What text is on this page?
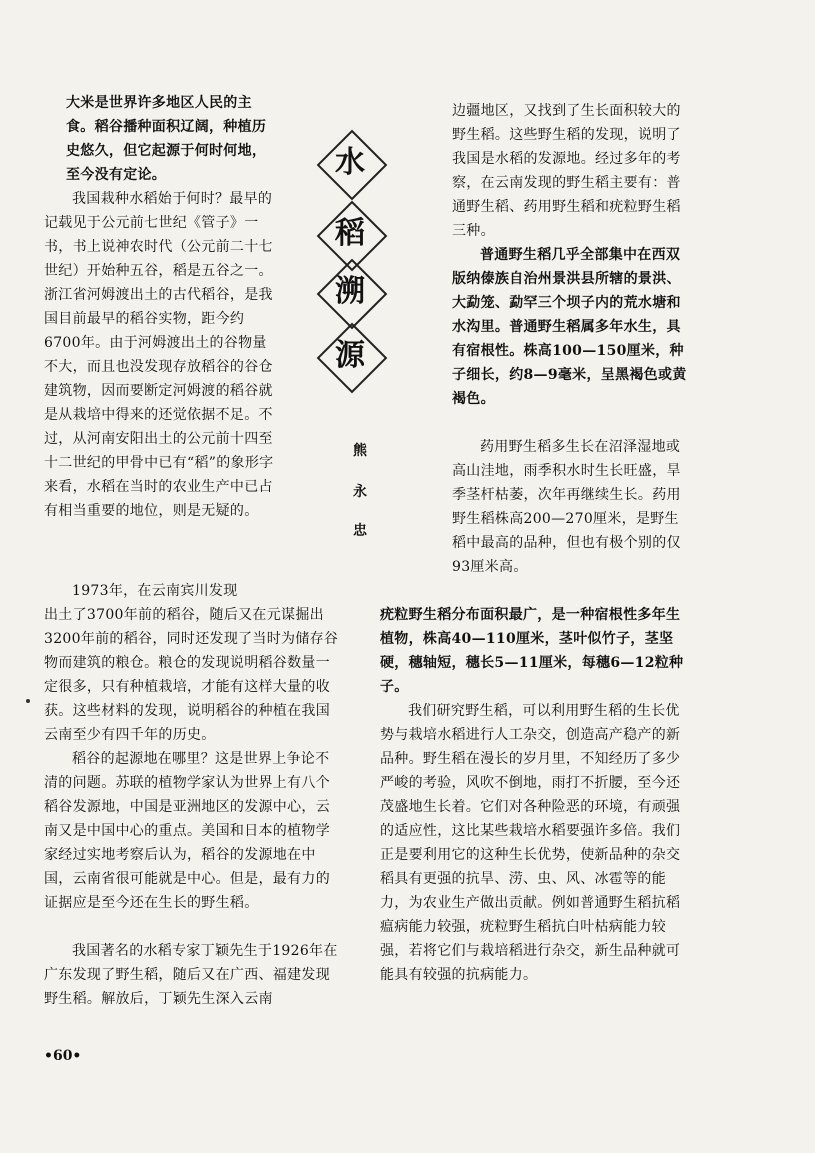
水
稻
溯
源
熊
永
忠

大米是世界许多地区人民的主食。稻谷播种面积辽阔，种植历史悠久，但它起源于何时何地，至今没有定论。

我国栽种水稻始于何时？最早的记载见于公元前七世纪《管子》一书，书上说神农时代（公元前二十七世纪）开始种五谷，稻是五谷之一。浙江省河姆渡出土的古代稻谷，是我国目前最早的稻谷实物，距今约6700年。由于河姆渡出土的谷物量不大，而且也没发现存放稻谷的谷仓建筑物，因而要断定河姆渡的稻谷就是从栽培中得来的还觉依据不足。不过，从河南安阳出土的公元前十四至十二世纪的甲骨中已有“稻”的象形字来看，水稻在当时的农业生产中已占有相当重要的地位，则是无疑的。

1973年，在云南宾川发现

出土了3700年前的稻谷，随后又在元谋掘出3200年前的稻谷，同时还发现了当时为储存谷物而建筑的粮仓。粮仓的发现说明稻谷数量一定很多，只有种植栽培，才能有这样大量的收获。这些材料的发现，说明稻谷的种植在我国云南至少有四千年的历史。

稻谷的起源地在哪里？这是世界上争论不清的问题。苏联的植物学家认为世界上有八个稻谷发源地，中国是亚洲地区的发源中心，云南又是中国中心的重点。美国和日本的植物学家经过实地考察后认为，稻谷的发源地在中国，云南省很可能就是中心。但是，最有力的证据应是至今还在生长的野生稻。

我国著名的水稻专家丁颖先生于1926年在广东发现了野生稻，随后又在广西、福建发现野生稻。解放后，丁颖先生深入云南

边疆地区，又找到了生长面积较大的野生稻。这些野生稻的发现，说明了我国是水稻的发源地。经过多年的考察，在云南发现的野生稻主要有：普通野生稻、药用野生稻和疣粒野生稻三种。

普通野生稻几乎全部集中在西双版纳傣族自治州景洪县所辖的景洪、大勐笼、勐罕三个坝子内的荒水塘和水沟里。普通野生稻属多年水生，具有宿根性。株高100—150厘米，种子细长，约8—9毫米，呈黑褐色或黄褐色。

药用野生稻多生长在沼泽湿地或高山洼地，雨季积水时生长旺盛，旱季茎杆枯萎，次年再继续生长。药用野生稻株高200—270厘米，是野生稻中最高的品种，但也有极个别的仅93厘米高。

疣粒野生稻分布面积最广，是一种宿根性多年生植物，株高40—110厘米，茎叶似竹子，茎坚硬，穗轴短，穗长5—11厘米，每穗6—12粒种子。

我们研究野生稻，可以利用野生稻的生长优势与栽培水稻进行人工杂交，创造高产稳产的新品种。野生稻在漫长的岁月里，不知经历了多少严峻的考验，风吹不倒地，雨打不折腰，至今还茂盛地生长着。它们对各种险恶的环境，有顽强的适应性，这比某些栽培水稻要强许多倍。我们正是要利用它的这种生长优势，使新品种的杂交稻具有更强的抗旱、涝、虫、风、冰雹等的能力，为农业生产做出贡献。例如普通野生稻抗稻瘟病能力较强，疣粒野生稻抗白叶枯病能力较强，若将它们与栽培稻进行杂交，新生品种就可能具有较强的抗病能力。

•60•
